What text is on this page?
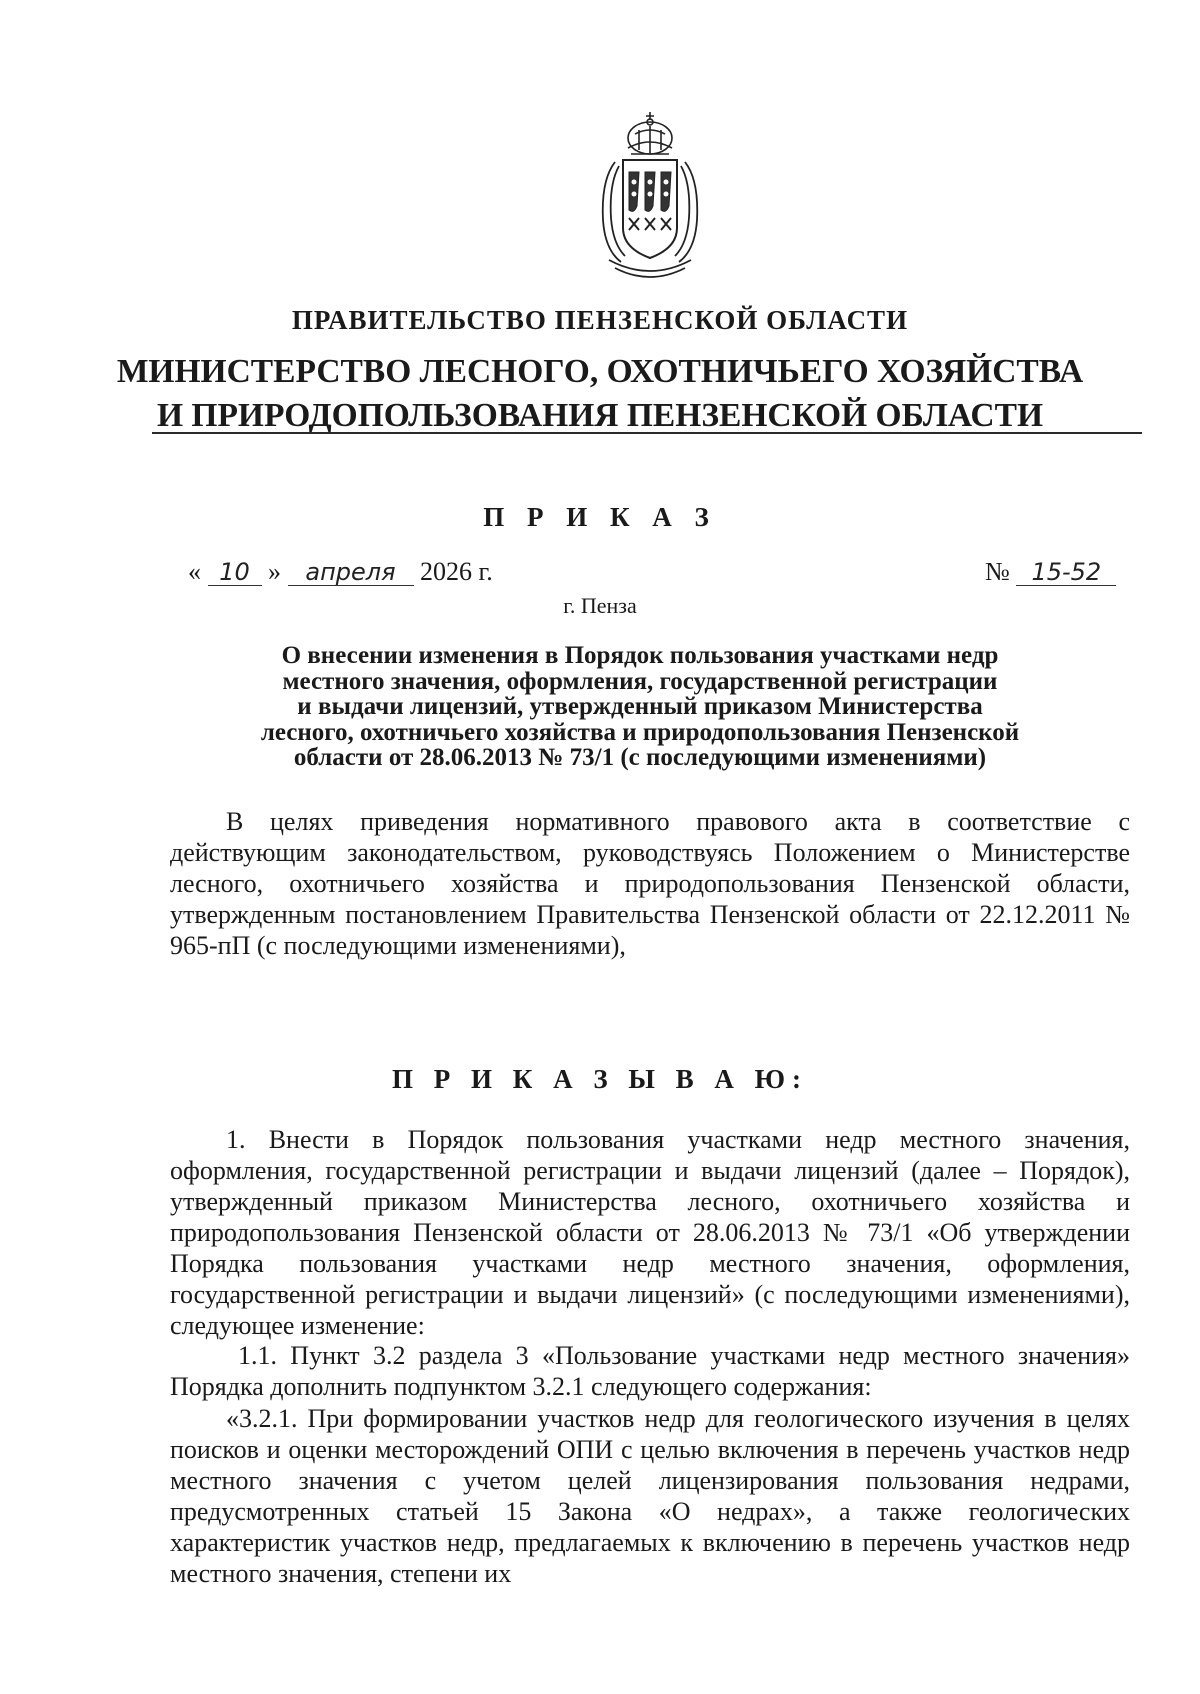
ПРАВИТЕЛЬСТВО ПЕНЗЕНСКОЙ ОБЛАСТИ
МИНИСТЕРСТВО ЛЕСНОГО, ОХОТНИЧЬЕГО ХОЗЯЙСТВА
И ПРИРОДОПОЛЬЗОВАНИЯ ПЕНЗЕНСКОЙ ОБЛАСТИ
П Р И К А З
« 10 » апреля 2026 г.	№ 15-52
г. Пенза
О внесении изменения в Порядок пользования участками недр
местного значения, оформления, государственной регистрации
и выдачи лицензий, утвержденный приказом Министерства
лесного, охотничьего хозяйства и природопользования Пензенской
области от 28.06.2013 № 73/1 (с последующими изменениями)
В целях приведения нормативного правового акта в соответствие с действующим законодательством, руководствуясь Положением о Министерстве лесного, охотничьего хозяйства и природопользования Пензенской области, утвержденным постановлением Правительства Пензенской области от 22.12.2011 № 965-пП (с последующими изменениями),
П Р И К А З Ы В А Ю:
1. Внести в Порядок пользования участками недр местного значения, оформления, государственной регистрации и выдачи лицензий (далее – Порядок), утвержденный приказом Министерства лесного, охотничьего хозяйства и природопользования Пензенской области от 28.06.2013 № 73/1 «Об утверждении Порядка пользования участками недр местного значения, оформления, государственной регистрации и выдачи лицензий» (с последующими изменениями), следующее изменение:
1.1. Пункт 3.2 раздела 3 «Пользование участками недр местного значения» Порядка дополнить подпунктом 3.2.1 следующего содержания:
«3.2.1. При формировании участков недр для геологического изучения в целях поисков и оценки месторождений ОПИ с целью включения в перечень участков недр местного значения с учетом целей лицензирования пользования недрами, предусмотренных статьей 15 Закона «О недрах», а также геологических характеристик участков недр, предлагаемых к включению в перечень участков недр местного значения, степени их
